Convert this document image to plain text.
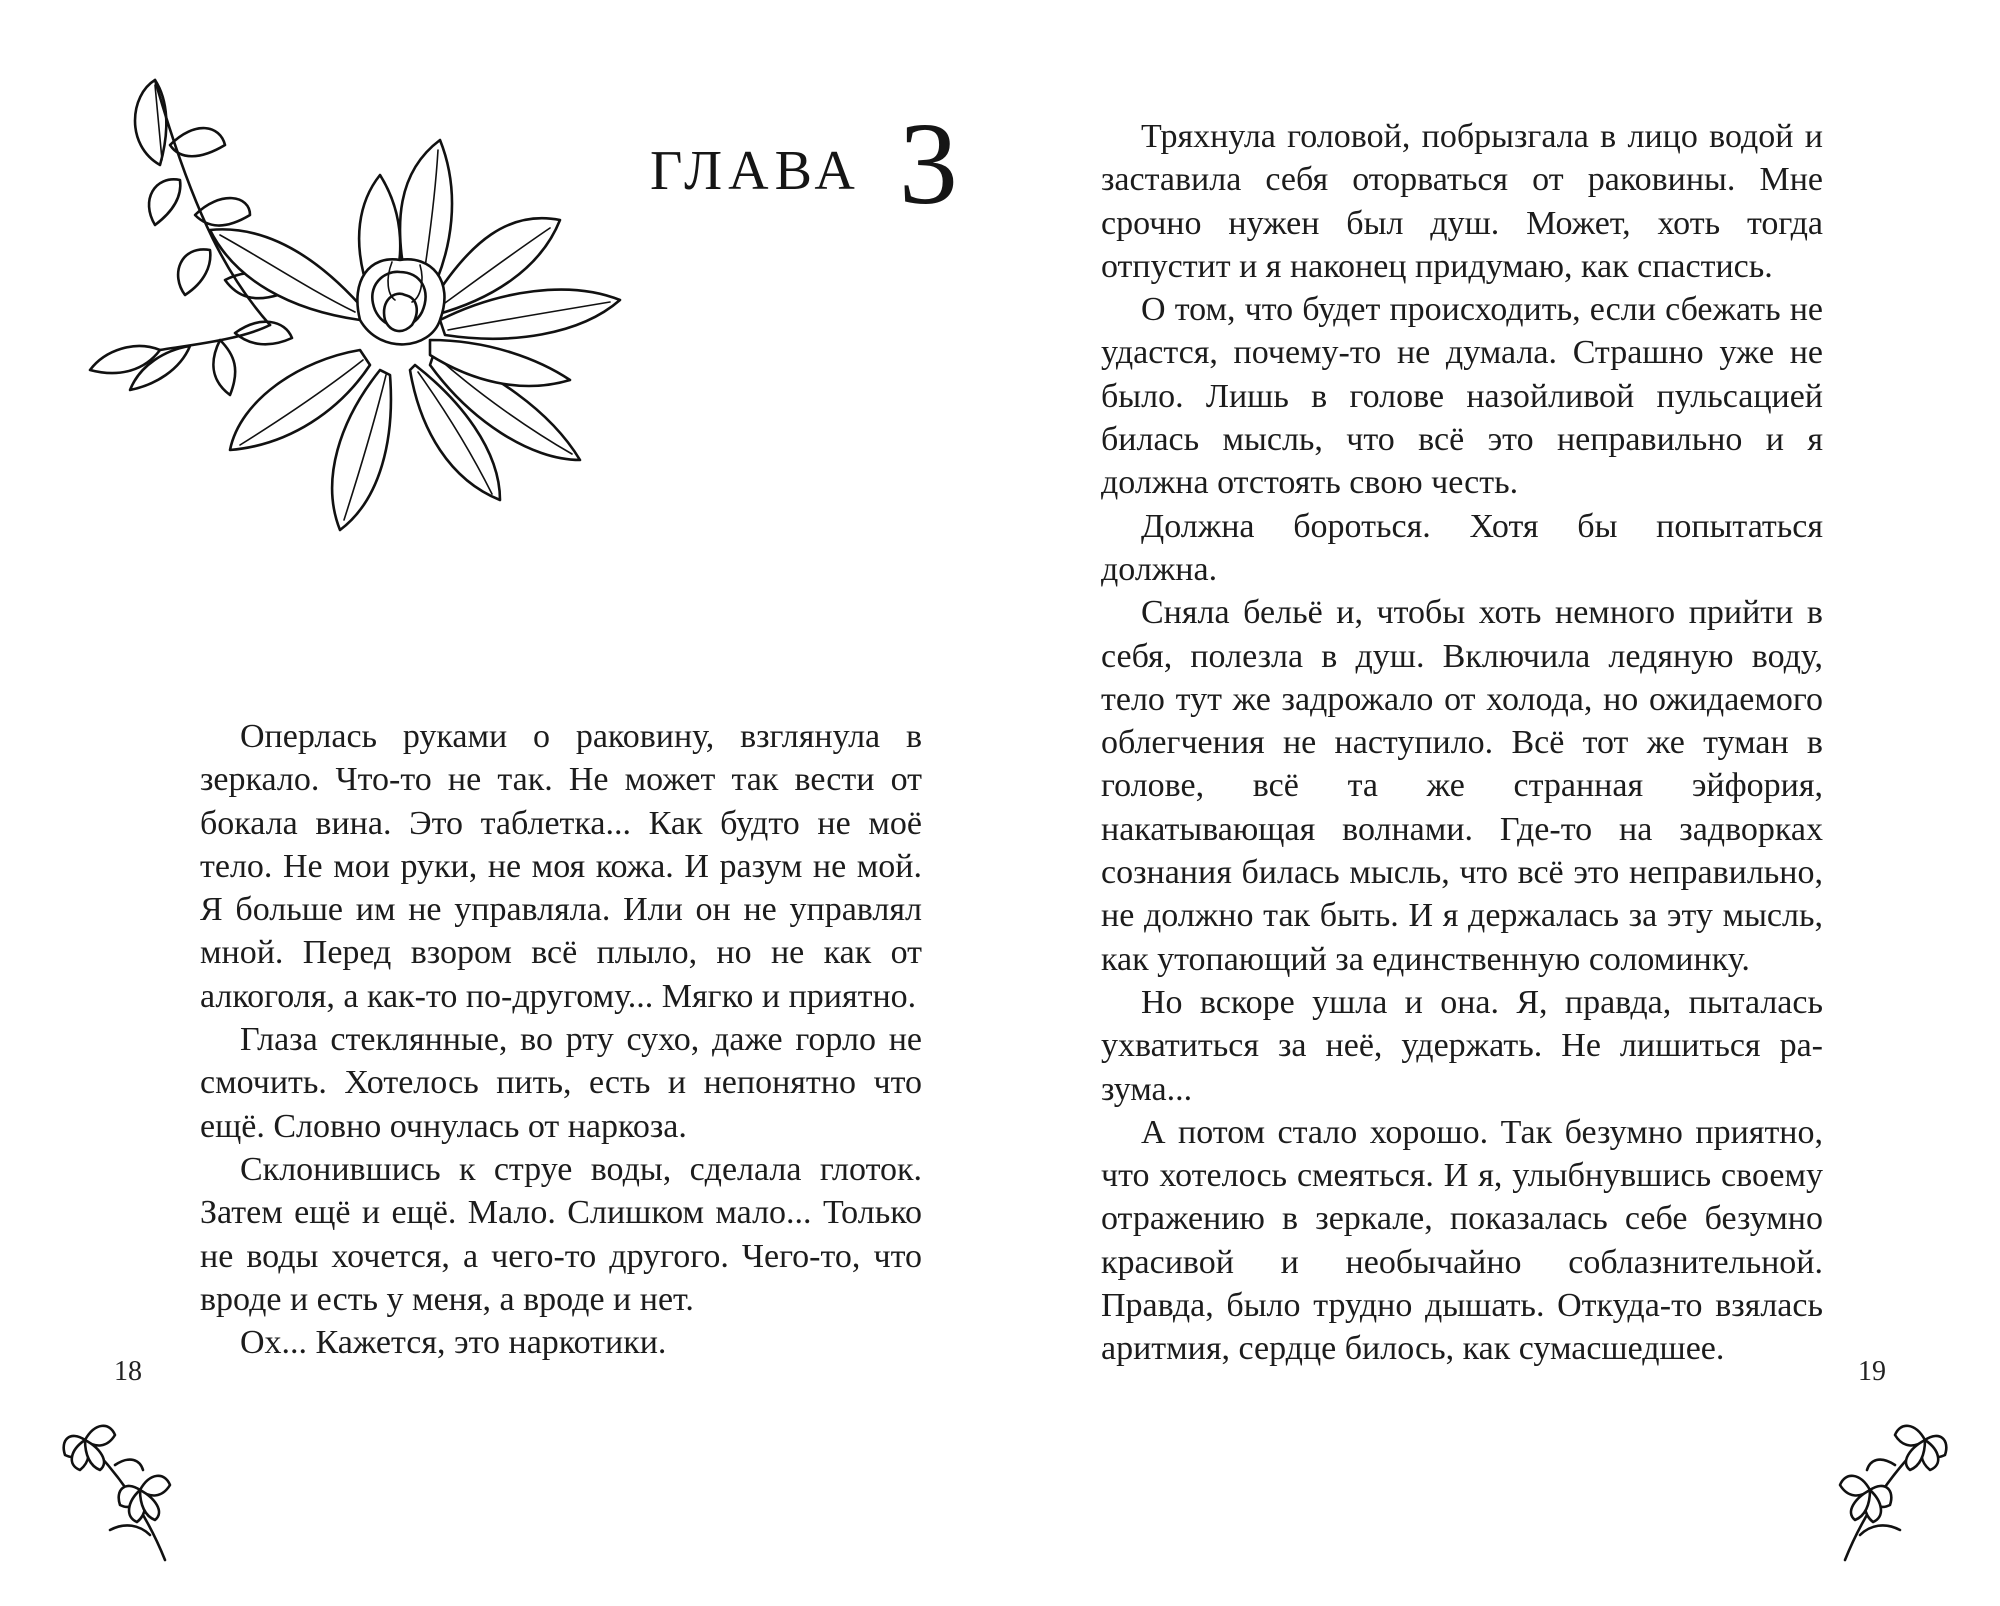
ГЛАВА 3

Оперлась руками о раковину, взглянула в зеркало. Что-то не так. Не может так вести от бокала вина. Это таблетка... Как будто не моё тело. Не мои руки, не моя кожа. И разум не мой. Я больше им не управляла. Или он не управлял мной. Перед взором всё плыло, но не как от алкоголя, а как-то по-другому... Мягко и приятно.

Глаза стеклянные, во рту сухо, даже горло не смочить. Хотелось пить, есть и непонятно что ещё. Словно очнулась от наркоза.

Склонившись к струе воды, сделала глоток. Затем ещё и ещё. Мало. Слишком мало... Только не воды хочется, а чего-то другого. Чего-то, что вроде и есть у меня, а вроде и нет.

Ох... Кажется, это наркотики.

18

Тряхнула головой, побрызгала в лицо водой и заставила себя оторваться от раковины. Мне срочно нужен был душ. Может, хоть тогда отпустит и я наконец придумаю, как спастись.

О том, что будет происходить, если сбежать не удастся, почему-то не думала. Страшно уже не было. Лишь в голове назойливой пульсацией билась мысль, что всё это неправильно и я должна отстоять свою честь.

Должна бороться. Хотя бы попытаться должна.

Сняла бельё и, чтобы хоть немного прийти в себя, полезла в душ. Включила ледяную воду, тело тут же задрожало от холода, но ожидаемого облегчения не наступило. Всё тот же туман в голове, всё та же странная эйфория, накатывающая волнами. Где-то на задворках сознания билась мысль, что всё это неправильно, не должно так быть. И я держалась за эту мысль, как утопающий за единственную соломинку.

Но вскоре ушла и она. Я, правда, пыталась ухватиться за неё, удержать. Не лишиться разума...

А потом стало хорошо. Так безумно приятно, что хотелось смеяться. И я, улыбнувшись своему отражению в зеркале, показалась себе безумно красивой и необычайно соблазнительной. Правда, было трудно дышать. Откуда-то взялась аритмия, сердце билось, как сумасшедшее.

19
